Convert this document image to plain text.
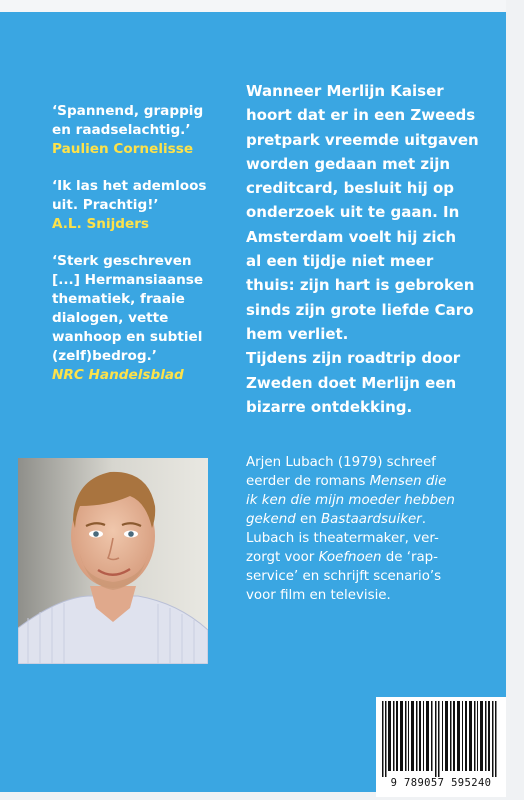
‘Spannend, grappig

en raadselachtig.’

Paulien Cornelisse

‘Ik las het ademloos

uit. Prachtig!’

A.L. Snijders

‘Sterk geschreven

[...] Hermansiaanse

thematiek, fraaie

dialogen, vette

wanhoop en subtiel

(zelf)bedrog.’

NRC Handelsblad

Wanneer Merlijn Kaiser

hoort dat er in een Zweeds

pretpark vreemde uitgaven

worden gedaan met zijn

creditcard, besluit hij op

onderzoek uit te gaan. In

Amsterdam voelt hij zich

al een tijdje niet meer

thuis: zijn hart is gebroken

sinds zijn grote liefde Caro

hem verliet.

Tijdens zijn roadtrip door

Zweden doet Merlijn een

bizarre ontdekking.

Arjen Lubach (1979) schreef

eerder de romans Mensen die

ik ken die mijn moeder hebben

gekend en Bastaardsuiker.

Lubach is theatermaker, ver-

zorgt voor Koefnoen de ‘rap-

service’ en schrijft scenario’s

voor film en televisie.

9 789057 595240
